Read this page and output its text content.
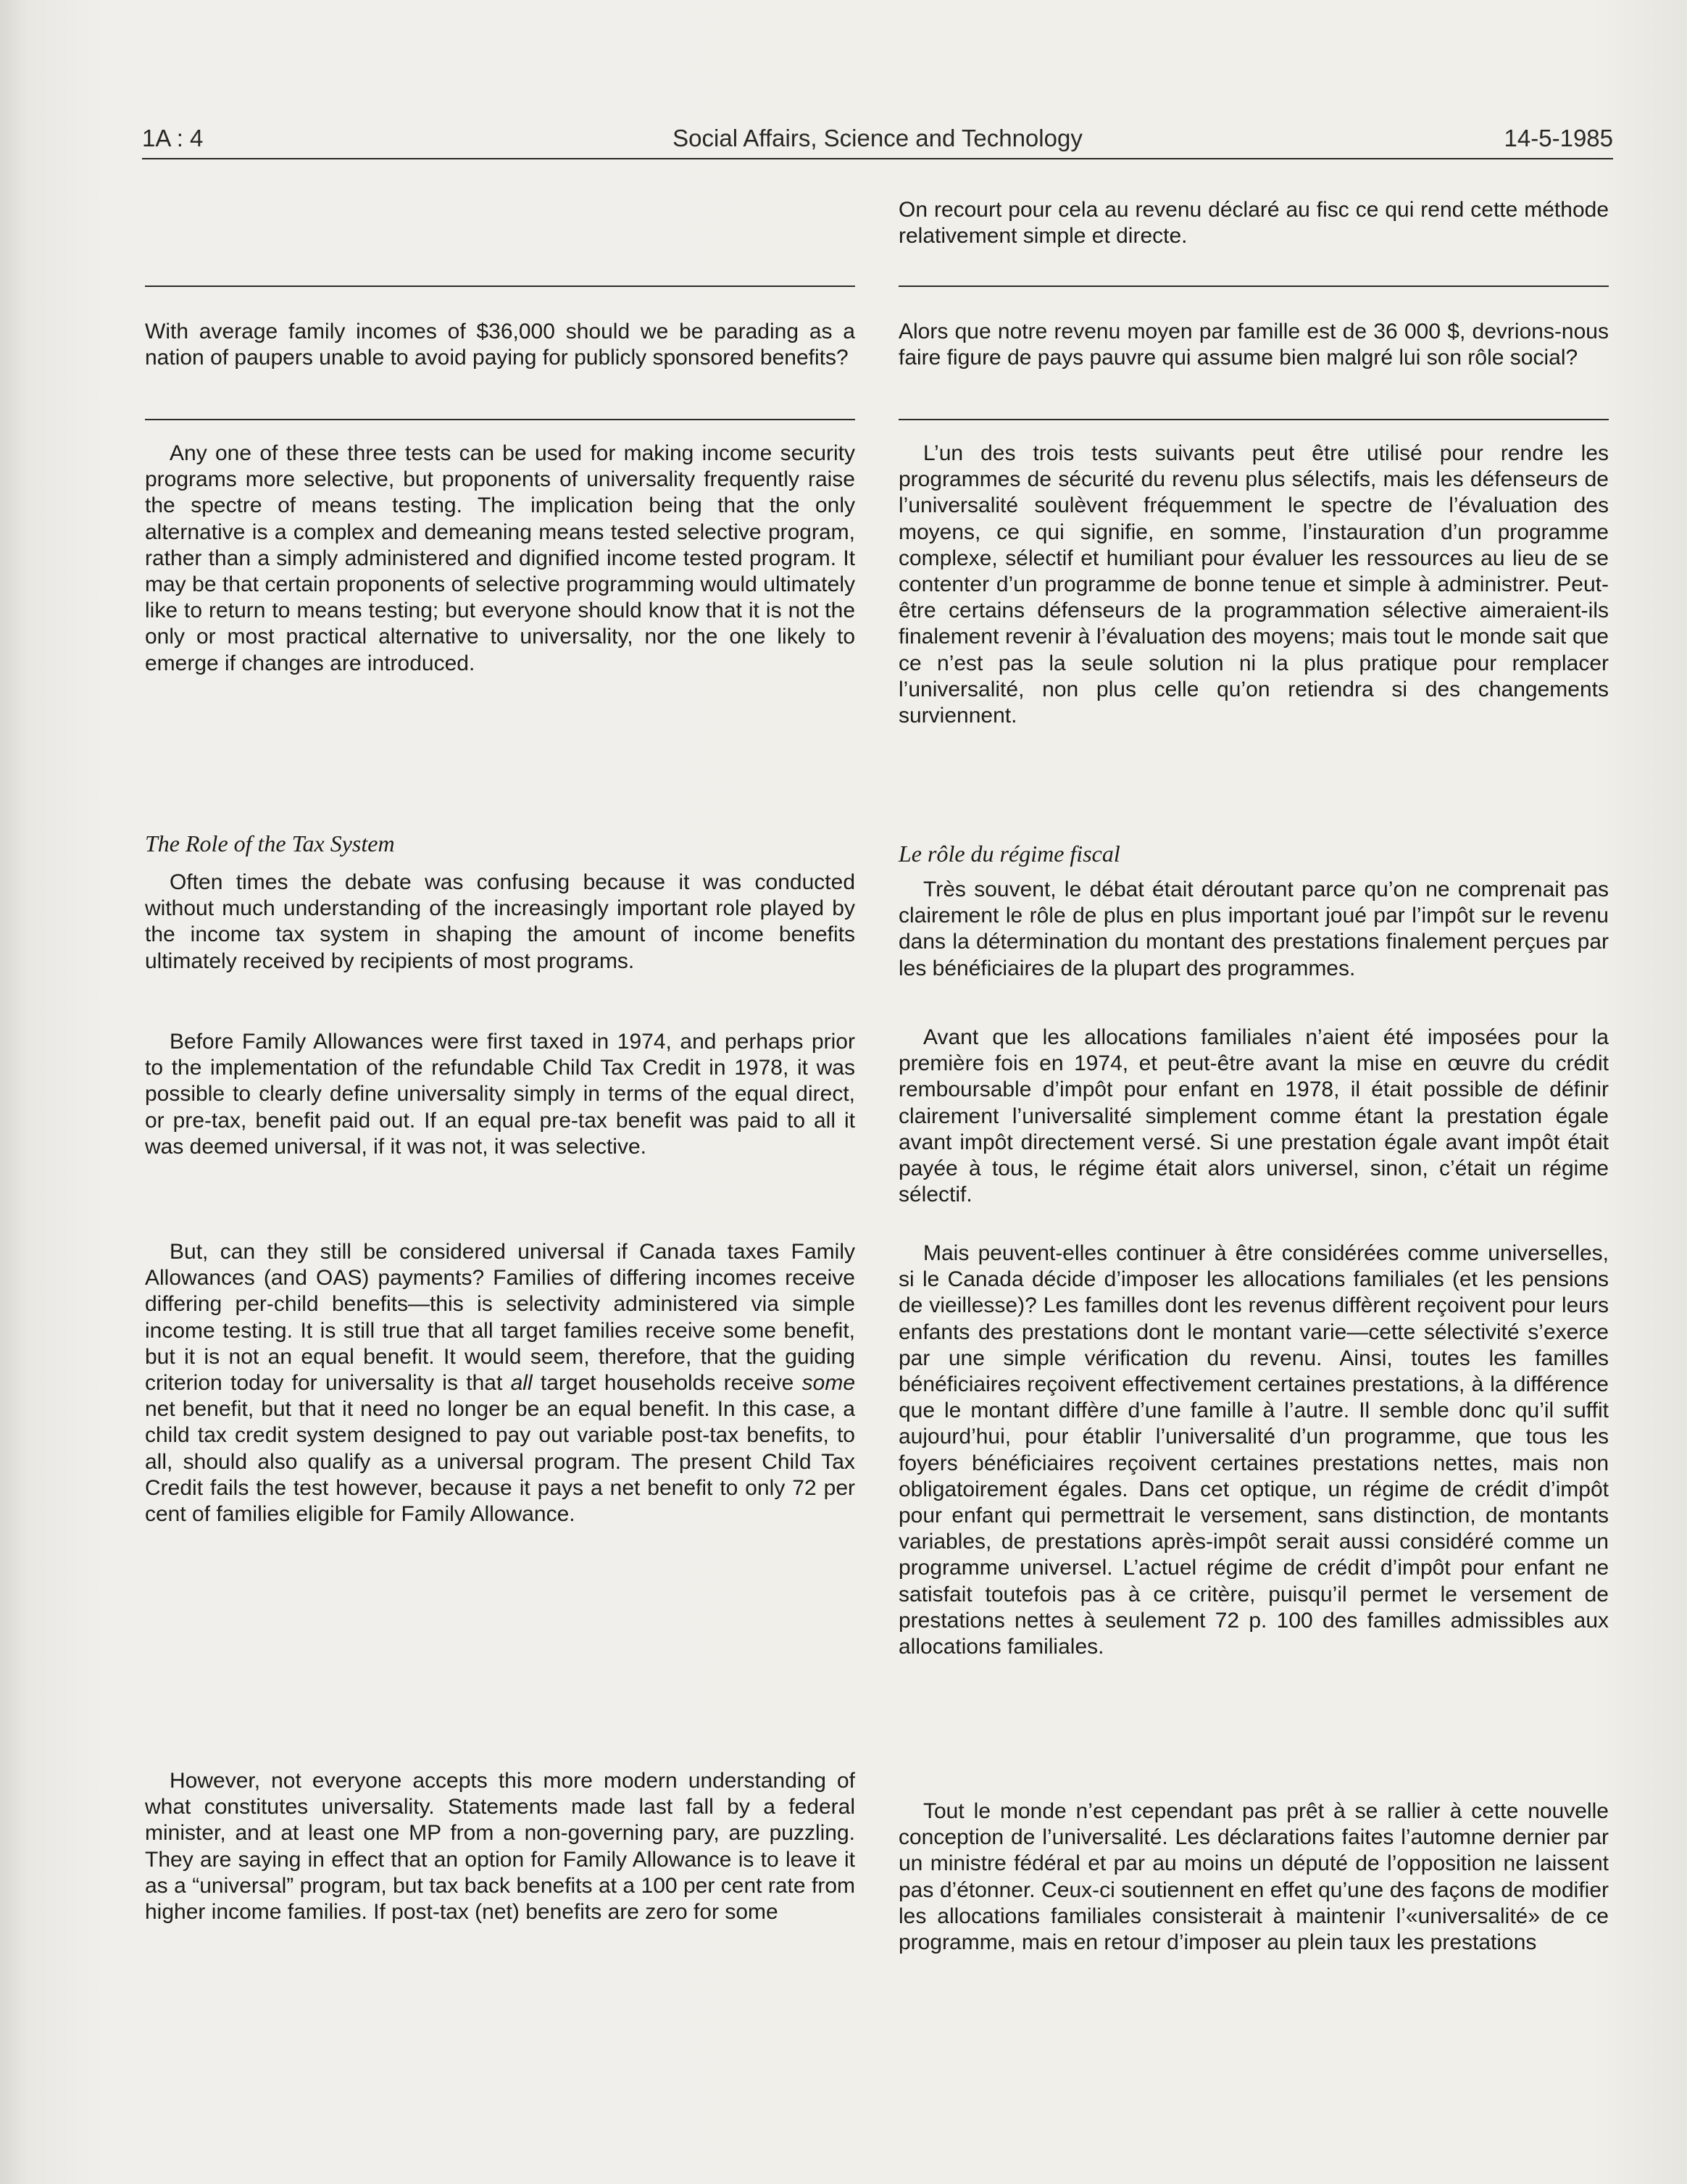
1A : 4	Social Affairs, Science and Technology	14-5-1985

With average family incomes of $36,000 should we be parading as a nation of paupers unable to avoid paying for publicly sponsored benefits?

Any one of these three tests can be used for making income security programs more selective, but proponents of universality frequently raise the spectre of means testing. The implication being that the only alternative is a complex and demeaning means tested selective program, rather than a simply administered and dignified income tested program. It may be that certain proponents of selective programming would ultimately like to return to means testing; but everyone should know that it is not the only or most practical alternative to universality, nor the one likely to emerge if changes are introduced.

The Role of the Tax System

Often times the debate was confusing because it was conducted without much understanding of the increasingly important role played by the income tax system in shaping the amount of income benefits ultimately received by recipients of most programs.

Before Family Allowances were first taxed in 1974, and perhaps prior to the implementation of the refundable Child Tax Credit in 1978, it was possible to clearly define universality simply in terms of the equal direct, or pre-tax, benefit paid out. If an equal pre-tax benefit was paid to all it was deemed universal, if it was not, it was selective.

But, can they still be considered universal if Canada taxes Family Allowances (and OAS) payments? Families of differing incomes receive differing per-child benefits—this is selectivity administered via simple income testing. It is still true that all target families receive some benefit, but it is not an equal benefit. It would seem, therefore, that the guiding criterion today for universality is that all target households receive some net benefit, but that it need no longer be an equal benefit. In this case, a child tax credit system designed to pay out variable post-tax benefits, to all, should also qualify as a universal program. The present Child Tax Credit fails the test however, because it pays a net benefit to only 72 per cent of families eligible for Family Allowance.

However, not everyone accepts this more modern understanding of what constitutes universality. Statements made last fall by a federal minister, and at least one MP from a non-governing pary, are puzzling. They are saying in effect that an option for Family Allowance is to leave it as a “universal” program, but tax back benefits at a 100 per cent rate from higher income families. If post-tax (net) benefits are zero for some

On recourt pour cela au revenu déclaré au fisc ce qui rend cette méthode relativement simple et directe.

Alors que notre revenu moyen par famille est de 36 000 $, devrions-nous faire figure de pays pauvre qui assume bien malgré lui son rôle social?

L’un des trois tests suivants peut être utilisé pour rendre les programmes de sécurité du revenu plus sélectifs, mais les défenseurs de l’universalité soulèvent fréquemment le spectre de l’évaluation des moyens, ce qui signifie, en somme, l’instauration d’un programme complexe, sélectif et humiliant pour évaluer les ressources au lieu de se contenter d’un programme de bonne tenue et simple à administrer. Peut-être certains défenseurs de la programmation sélective aimeraient-ils finalement revenir à l’évaluation des moyens; mais tout le monde sait que ce n’est pas la seule solution ni la plus pratique pour remplacer l’universalité, non plus celle qu’on retiendra si des changements surviennent.

Le rôle du régime fiscal

Très souvent, le débat était déroutant parce qu’on ne comprenait pas clairement le rôle de plus en plus important joué par l’impôt sur le revenu dans la détermination du montant des prestations finalement perçues par les bénéficiaires de la plupart des programmes.

Avant que les allocations familiales n’aient été imposées pour la première fois en 1974, et peut-être avant la mise en œuvre du crédit remboursable d’impôt pour enfant en 1978, il était possible de définir clairement l’universalité simplement comme étant la prestation égale avant impôt directement versé. Si une prestation égale avant impôt était payée à tous, le régime était alors universel, sinon, c’était un régime sélectif.

Mais peuvent-elles continuer à être considérées comme universelles, si le Canada décide d’imposer les allocations familiales (et les pensions de vieillesse)? Les familles dont les revenus diffèrent reçoivent pour leurs enfants des prestations dont le montant varie—cette sélectivité s’exerce par une simple vérification du revenu. Ainsi, toutes les familles bénéficiaires reçoivent effectivement certaines prestations, à la différence que le montant diffère d’une famille à l’autre. Il semble donc qu’il suffit aujourd’hui, pour établir l’universalité d’un programme, que tous les foyers bénéficiaires reçoivent certaines prestations nettes, mais non obligatoirement égales. Dans cet optique, un régime de crédit d’impôt pour enfant qui permettrait le versement, sans distinction, de montants variables, de prestations après-impôt serait aussi considéré comme un programme universel. L’actuel régime de crédit d’impôt pour enfant ne satisfait toutefois pas à ce critère, puisqu’il permet le versement de prestations nettes à seulement 72 p. 100 des familles admissibles aux allocations familiales.

Tout le monde n’est cependant pas prêt à se rallier à cette nouvelle conception de l’universalité. Les déclarations faites l’automne dernier par un ministre fédéral et par au moins un député de l’opposition ne laissent pas d’étonner. Ceux-ci soutiennent en effet qu’une des façons de modifier les allocations familiales consisterait à maintenir l’«universalité» de ce programme, mais en retour d’imposer au plein taux les prestations
